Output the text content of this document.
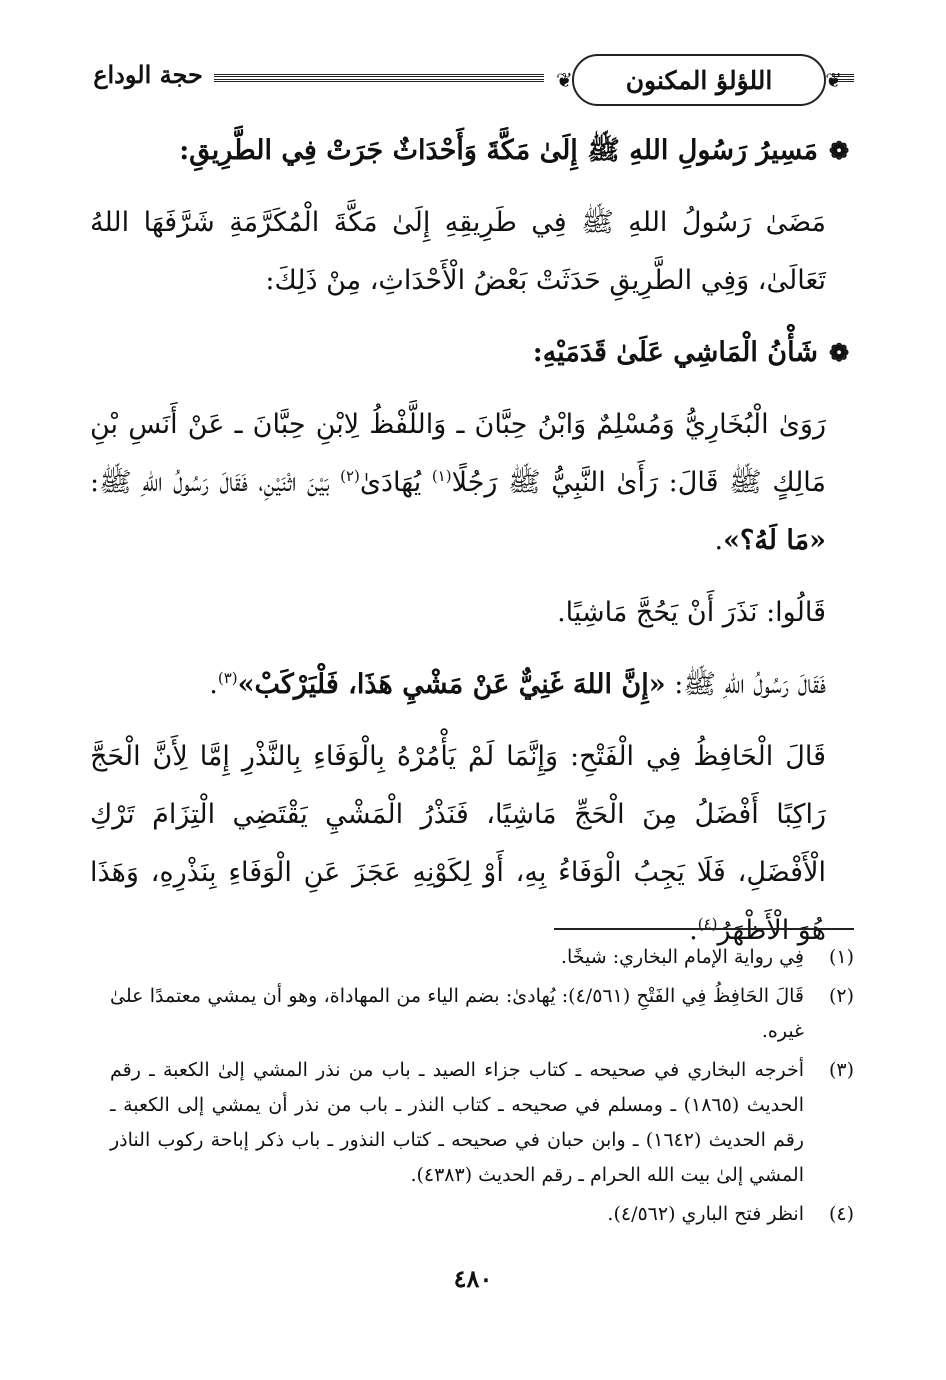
❦
اللؤلؤ المكنون
❦
حجة الوداع

❁مَسِيرُ رَسُولِ اللهِ ﷺ إِلَىٰ مَكَّةَ وَأَحْدَاثٌ جَرَتْ فِي الطَّرِيقِ:

مَضَىٰ رَسُولُ اللهِ ﷺ فِي طَرِيقِهِ إِلَىٰ مَكَّةَ الْمُكَرَّمَةِ شَرَّفَهَا اللهُ تَعَالَىٰ، وَفِي الطَّرِيقِ حَدَثَتْ بَعْضُ الْأَحْدَاثِ، مِنْ ذَلِكَ:

❁شَأْنُ الْمَاشِي عَلَىٰ قَدَمَيْهِ:

رَوَىٰ الْبُخَارِيُّ وَمُسْلِمٌ وَابْنُ حِبَّانَ ـ وَاللَّفْظُ لِابْنِ حِبَّانَ ـ عَنْ أَنَسِ بْنِ مَالِكٍ ﷺ قَالَ: رَأَىٰ النَّبِيُّ ﷺ رَجُلًا$^{(١)}$ يُهَادَىٰ$^{(٢)}$ بَيْنَ اثْنَيْنِ، فَقَالَ رَسُولُ اللهِ ﷺ: «مَا لَهُ؟».

قَالُوا: نَذَرَ أَنْ يَحُجَّ مَاشِيًا.

فَقَالَ رَسُولُ اللهِ ﷺ: «إِنَّ اللهَ غَنِيٌّ عَنْ مَشْيِ هَذَا، فَلْيَرْكَبْ»$^{(٣)}$.

قَالَ الْحَافِظُ فِي الْفَتْحِ: وَإِنَّمَا لَمْ يَأْمُرْهُ بِالْوَفَاءِ بِالنَّذْرِ إِمَّا لِأَنَّ الْحَجَّ رَاكِبًا أَفْضَلُ مِنَ الْحَجِّ مَاشِيًا، فَنَذْرُ الْمَشْيِ يَقْتَضِي الْتِزَامَ تَرْكِ الْأَفْضَلِ، فَلَا يَجِبُ الْوَفَاءُ بِهِ، أَوْ لِكَوْنِهِ عَجَزَ عَنِ الْوَفَاءِ بِنَذْرِهِ، وَهَذَا هُوَ الْأَظْهَرُ$^{(٤)}$.

(١)
فِي رواية الإمام البخاري: شيخًا.
(٢)
قَالَ الحَافِظُ فِي الفَتْحِ (٤/٥٦١): يُهادىٰ: بضم الياء من المهاداة، وهو أن يمشي معتمدًا علىٰ غيره.
(٣)
أخرجه البخاري في صحيحه ـ كتاب جزاء الصيد ـ باب من نذر المشي إلىٰ الكعبة ـ رقم الحديث (١٨٦٥) ـ ومسلم في صحيحه ـ كتاب النذر ـ باب من نذر أن يمشي إلى الكعبة ـ رقم الحديث (١٦٤٢) ـ وابن حبان في صحيحه ـ كتاب النذور ـ باب ذكر إباحة ركوب الناذر المشي إلىٰ بيت الله الحرام ـ رقم الحديث (٤٣٨٣).
(٤)
انظر فتح الباري (٤/٥٦٢).
٤٨٠
